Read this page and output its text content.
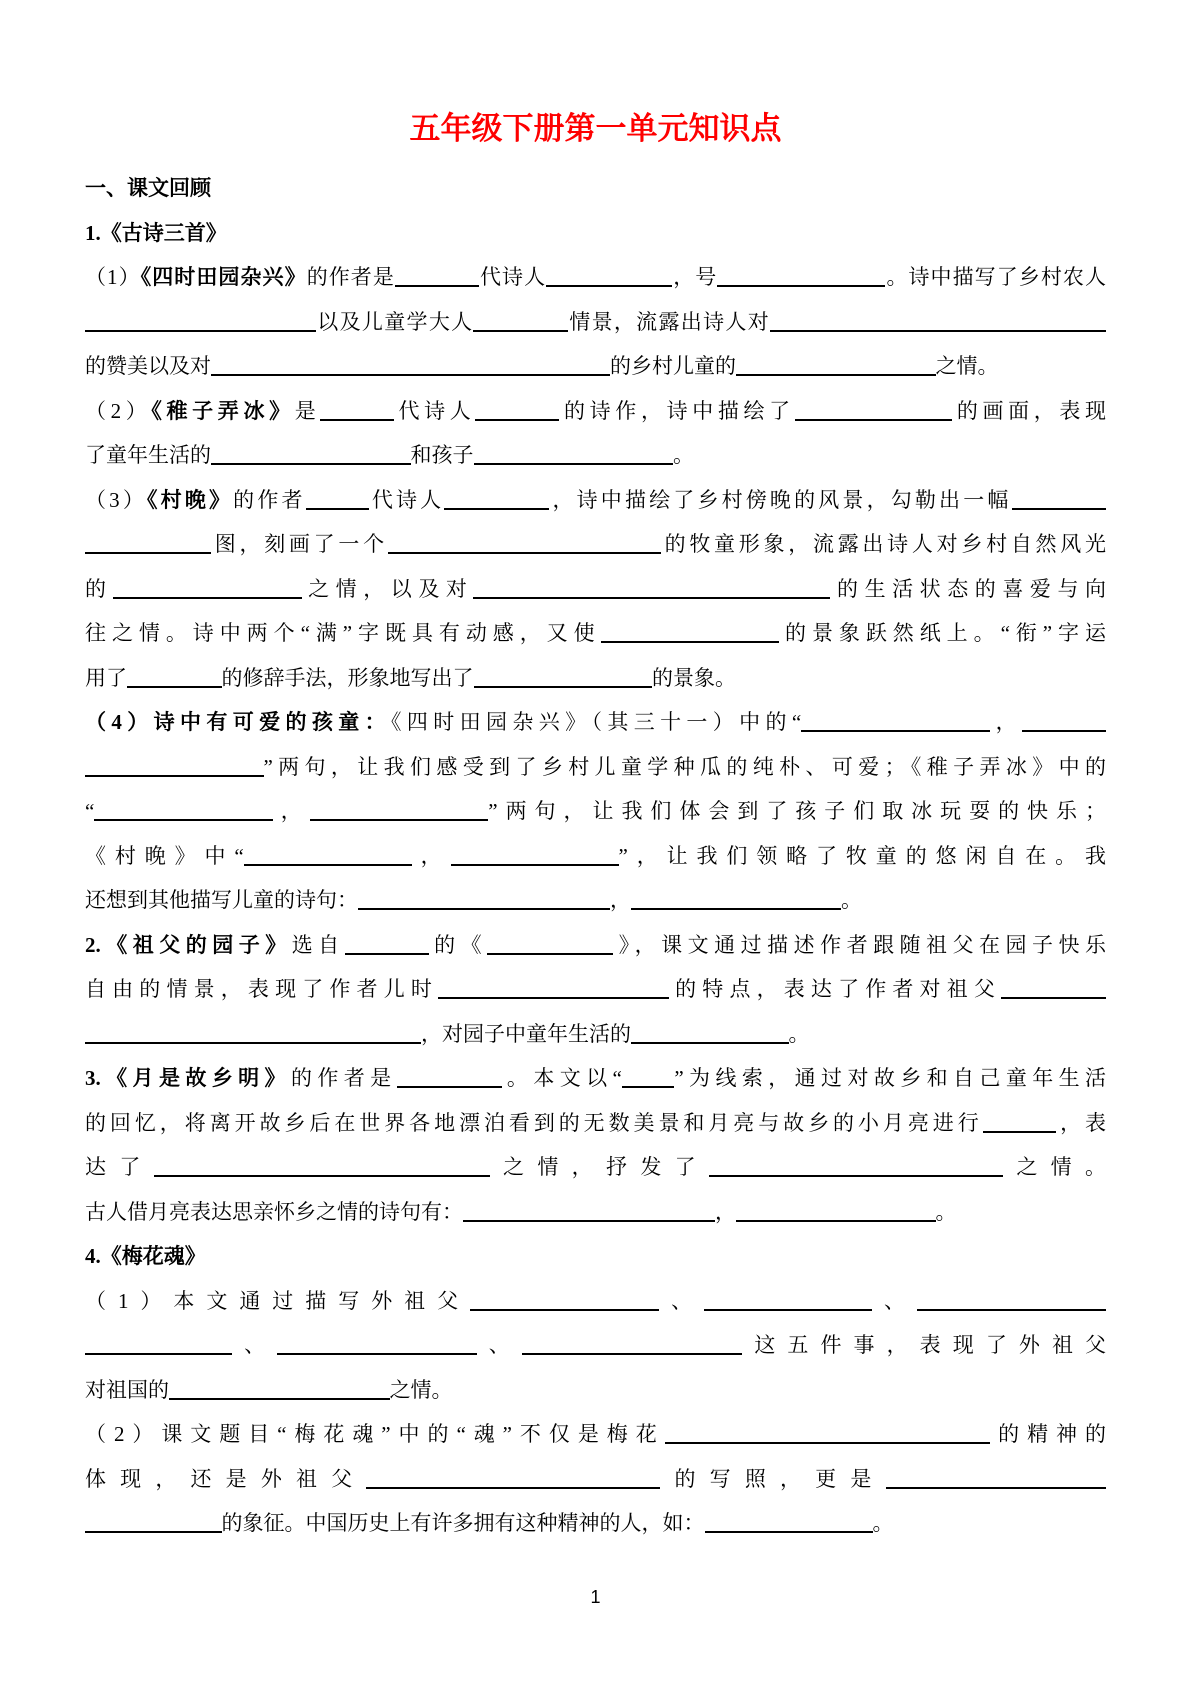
五年级下册第一单元知识点
一、课文回顾
1.《古诗三首》
（1）《四时田园杂兴》的作者是	代诗人	，号	。诗中描写了乡村农人
以及儿童学大人	情景，流露出诗人对
的赞美以及对	的乡村儿童的	之情。
（2）《稚子弄冰》是	代诗人	的诗作，诗中描绘了	的画面，表现
了童年生活的	和孩子	。
（3）《村晚》的作者	代诗人	，诗中描绘了乡村傍晚的风景，勾勒出一幅
图，刻画了一个	的牧童形象，流露出诗人对乡村自然风光
的	之情，以及对	的生活状态的喜爱与向
往之情。诗中两个“满”字既具有动感，又使	的景象跃然纸上。“衔”字运
用了	的修辞手法，形象地写出了	的景象。
（4）诗中有可爱的孩童：《四时田园杂兴》（其三十一）中的“	，
”两句，让我们感受到了乡村儿童学种瓜的纯朴、可爱；《稚子弄冰》中的
“	，	”两句，让我们体会到了孩子们取冰玩耍的快乐；
《村晚》中“	，	”，让我们领略了牧童的悠闲自在。我
还想到其他描写儿童的诗句：	，	。
2.《祖父的园子》选自	的《	》，课文通过描述作者跟随祖父在园子快乐
自由的情景，表现了作者儿时	的特点，表达了作者对祖父
，对园子中童年生活的	。
3.《月是故乡明》的作者是	。本文以“	”为线索，通过对故乡和自己童年生活
的回忆，将离开故乡后在世界各地漂泊看到的无数美景和月亮与故乡的小月亮进行	，表
达了	之情，抒发了	之情。
古人借月亮表达思亲怀乡之情的诗句有：	，	。
4.《梅花魂》
（1）本文通过描写外祖父	、	、
、	、	这五件事，表现了外祖父
对祖国的	之情。
（2）课文题目“梅花魂”中的“魂”不仅是梅花	的精神的
体现，还是外祖父	的写照，更是
的象征。中国历史上有许多拥有这种精神的人，如：	。
1
